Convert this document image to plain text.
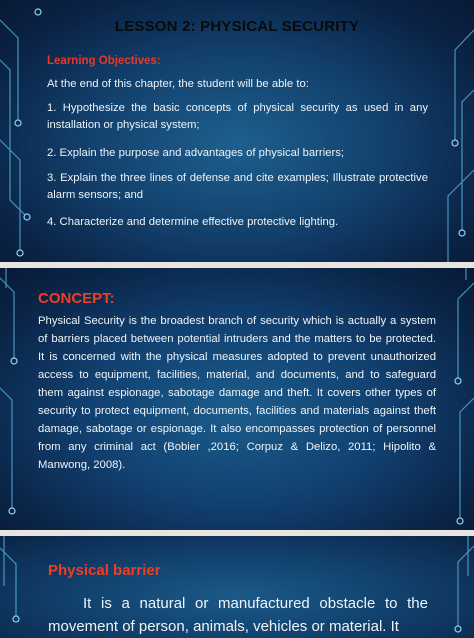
LESSON 2: PHYSICAL SECURITY
Learning Objectives:
At the end of this chapter, the student will be able to:
1. Hypothesize the basic concepts of physical security as used in any installation or physical system;
2. Explain the purpose and advantages of physical barriers;
3. Explain the three lines of defense and cite examples; Illustrate protective alarm sensors; and
4. Characterize and determine effective protective lighting.
CONCEPT:
Physical Security is the broadest branch of security which is actually a system of barriers placed between potential intruders and the matters to be protected. It is concerned with the physical measures adopted to prevent unauthorized access to equipment, facilities, material, and documents, and to safeguard them against espionage, sabotage damage and theft. It covers other types of security to protect equipment, documents, facilities and materials against theft damage, sabotage or espionage. It also encompasses protection of personnel from any criminal act (Bobier ,2016; Corpuz & Delizo, 2011; Hipolito & Manwong, 2008).
Physical barrier
It is a natural or manufactured obstacle to the movement of person, animals, vehicles or material. It
